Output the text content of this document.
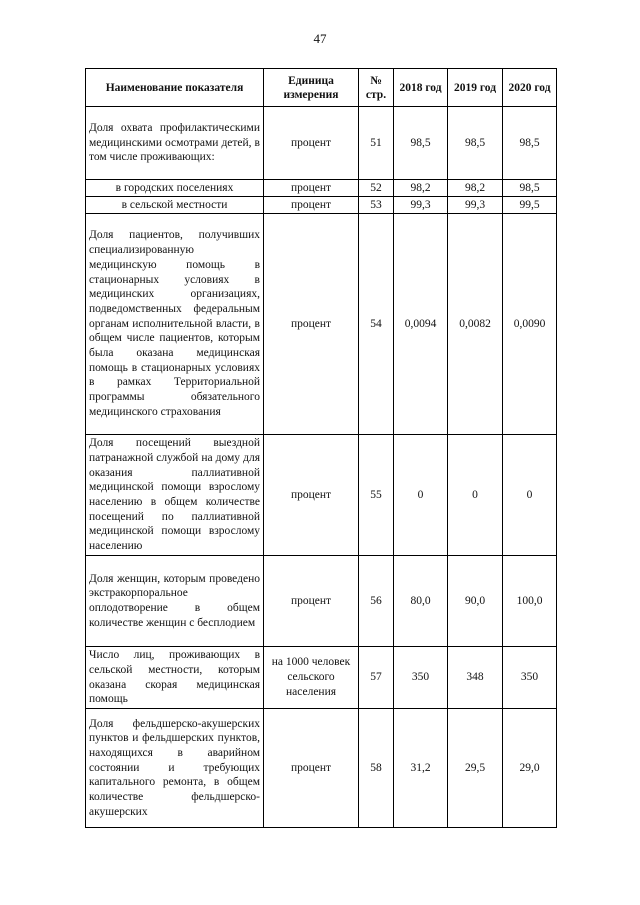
47
Наименование показателя	Единица измерения	№ стр.	2018 год	2019 год	2020 год
Доля охвата профилактическими медицинскими осмотрами детей, в том числе проживающих:	процент	51	98,5	98,5	98,5
в городских поселениях	процент	52	98,2	98,2	98,5
в сельской местности	процент	53	99,3	99,3	99,5
Доля пациентов, получивших специализированную медицинскую помощь в стационарных условиях в медицинских организациях, подведомственных федеральным органам исполнительной власти, в общем числе пациентов, которым была оказана медицинская помощь в стационарных условиях в рамках Территориальной программы обязательного медицинского страхования	процент	54	0,0094	0,0082	0,0090
Доля посещений выездной патранажной службой на дому для оказания паллиативной медицинской помощи взрослому населению в общем количестве посещений по паллиативной медицинской помощи взрослому населению	процент	55	0	0	0
Доля женщин, которым проведено экстракорпоральное оплодотворение в общем количестве женщин с бесплодием	процент	56	80,0	90,0	100,0
Число лиц, проживающих в сельской местности, которым оказана скорая медицинская помощь	на 1000 человек сельского населения	57	350	348	350
Доля фельдшерско-акушерских пунктов и фельдшерских пунктов, находящихся в аварийном состоянии и требующих капитального ремонта, в общем количестве фельдшерско-акушерских	процент	58	31,2	29,5	29,0
